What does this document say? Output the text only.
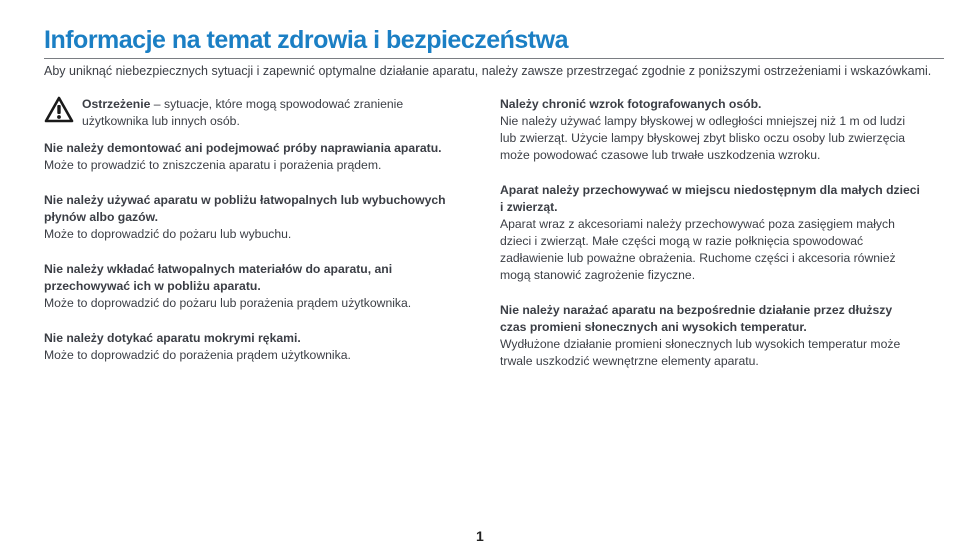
Informacje na temat zdrowia i bezpieczeństwa
Aby uniknąć niebezpiecznych sytuacji i zapewnić optymalne działanie aparatu, należy zawsze przestrzegać zgodnie z poniższymi ostrzeżeniami i wskazówkami.
Ostrzeżenie – sytuacje, które mogą spowodować zranienie użytkownika lub innych osób.
Nie należy demontować ani podejmować próby naprawiania aparatu.
Może to prowadzić to zniszczenia aparatu i porażenia prądem.
Nie należy używać aparatu w pobliżu łatwopalnych lub wybuchowych płynów albo gazów.
Może to doprowadzić do pożaru lub wybuchu.
Nie należy wkładać łatwopalnych materiałów do aparatu, ani przechowywać ich w pobliżu aparatu.
Może to doprowadzić do pożaru lub porażenia prądem użytkownika.
Nie należy dotykać aparatu mokrymi rękami.
Może to doprowadzić do porażenia prądem użytkownika.
Należy chronić wzrok fotografowanych osób.
Nie należy używać lampy błyskowej w odległości mniejszej niż 1 m od ludzi lub zwierząt. Użycie lampy błyskowej zbyt blisko oczu osoby lub zwierzęcia może powodować czasowe lub trwałe uszkodzenia wzroku.
Aparat należy przechowywać w miejscu niedostępnym dla małych dzieci i zwierząt.
Aparat wraz z akcesoriami należy przechowywać poza zasięgiem małych dzieci i zwierząt. Małe części mogą w razie połknięcia spowodować zadławienie lub poważne obrażenia. Ruchome części i akcesoria również mogą stanowić zagrożenie fizyczne.
Nie należy narażać aparatu na bezpośrednie działanie przez dłuższy czas promieni słonecznych ani wysokich temperatur.
Wydłużone działanie promieni słonecznych lub wysokich temperatur może trwale uszkodzić wewnętrzne elementy aparatu.
1
